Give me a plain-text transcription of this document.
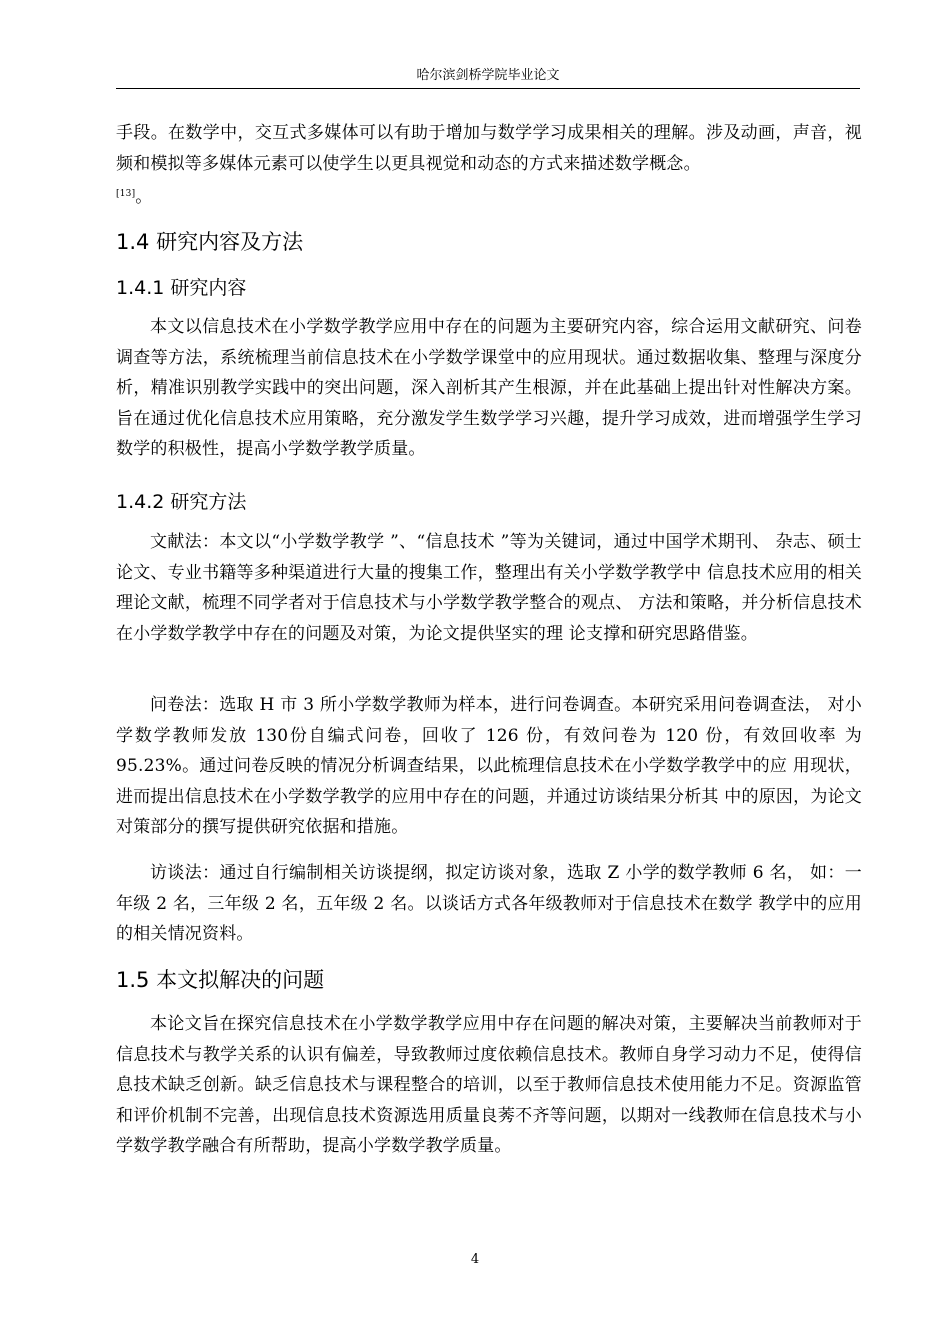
哈尔滨剑桥学院毕业论文
手段。在数学中，交互式多媒体可以有助于增加与数学学习成果相关的理解。涉及动画，声音，视频和模拟等多媒体元素可以使学生以更具视觉和动态的方式来描述数学概念。
[13]。
1.4 研究内容及方法
1.4.1 研究内容
本文以信息技术在小学数学教学应用中存在的问题为主要研究内容，综合运用文献研究、问卷调查等方法，系统梳理当前信息技术在小学数学课堂中的应用现状。通过数据收集、整理与深度分析，精准识别教学实践中的突出问题，深入剖析其产生根源，并在此基础上提出针对性解决方案。旨在通过优化信息技术应用策略，充分激发学生数学学习兴趣，提升学习成效，进而增强学生学习数学的积极性，提高小学数学教学质量。
1.4.2 研究方法
文献法：本文以“小学数学教学 ”、“信息技术 ”等为关键词，通过中国学术期刊、 杂志、硕士论文、专业书籍等多种渠道进行大量的搜集工作，整理出有关小学数学教学中 信息技术应用的相关理论文献，梳理不同学者对于信息技术与小学数学教学整合的观点、 方法和策略，并分析信息技术在小学数学教学中存在的问题及对策，为论文提供坚实的理 论支撑和研究思路借鉴。
问卷法：选取 H 市 3 所小学数学教师为样本，进行问卷调查。本研究采用问卷调查法， 对小学数学教师发放 130份自编式问卷，回收了 126 份，有效问卷为 120 份，有效回收率 为 95.23%。通过问卷反映的情况分析调查结果，以此梳理信息技术在小学数学教学中的应 用现状，进而提出信息技术在小学数学教学的应用中存在的问题，并通过访谈结果分析其 中的原因，为论文对策部分的撰写提供研究依据和措施。
访谈法：通过自行编制相关访谈提纲，拟定访谈对象，选取 Z 小学的数学教师 6 名， 如：一年级 2 名，三年级 2 名，五年级 2 名。以谈话方式各年级教师对于信息技术在数学 教学中的应用的相关情况资料。
1.5 本文拟解决的问题
本论文旨在探究信息技术在小学数学教学应用中存在问题的解决对策，主要解决当前教师对于信息技术与教学关系的认识有偏差，导致教师过度依赖信息技术。教师自身学习动力不足，使得信息技术缺乏创新。缺乏信息技术与课程整合的培训，以至于教师信息技术使用能力不足。资源监管和评价机制不完善，出现信息技术资源选用质量良莠不齐等问题，以期对一线教师在信息技术与小学数学教学融合有所帮助，提高小学数学教学质量。
4
